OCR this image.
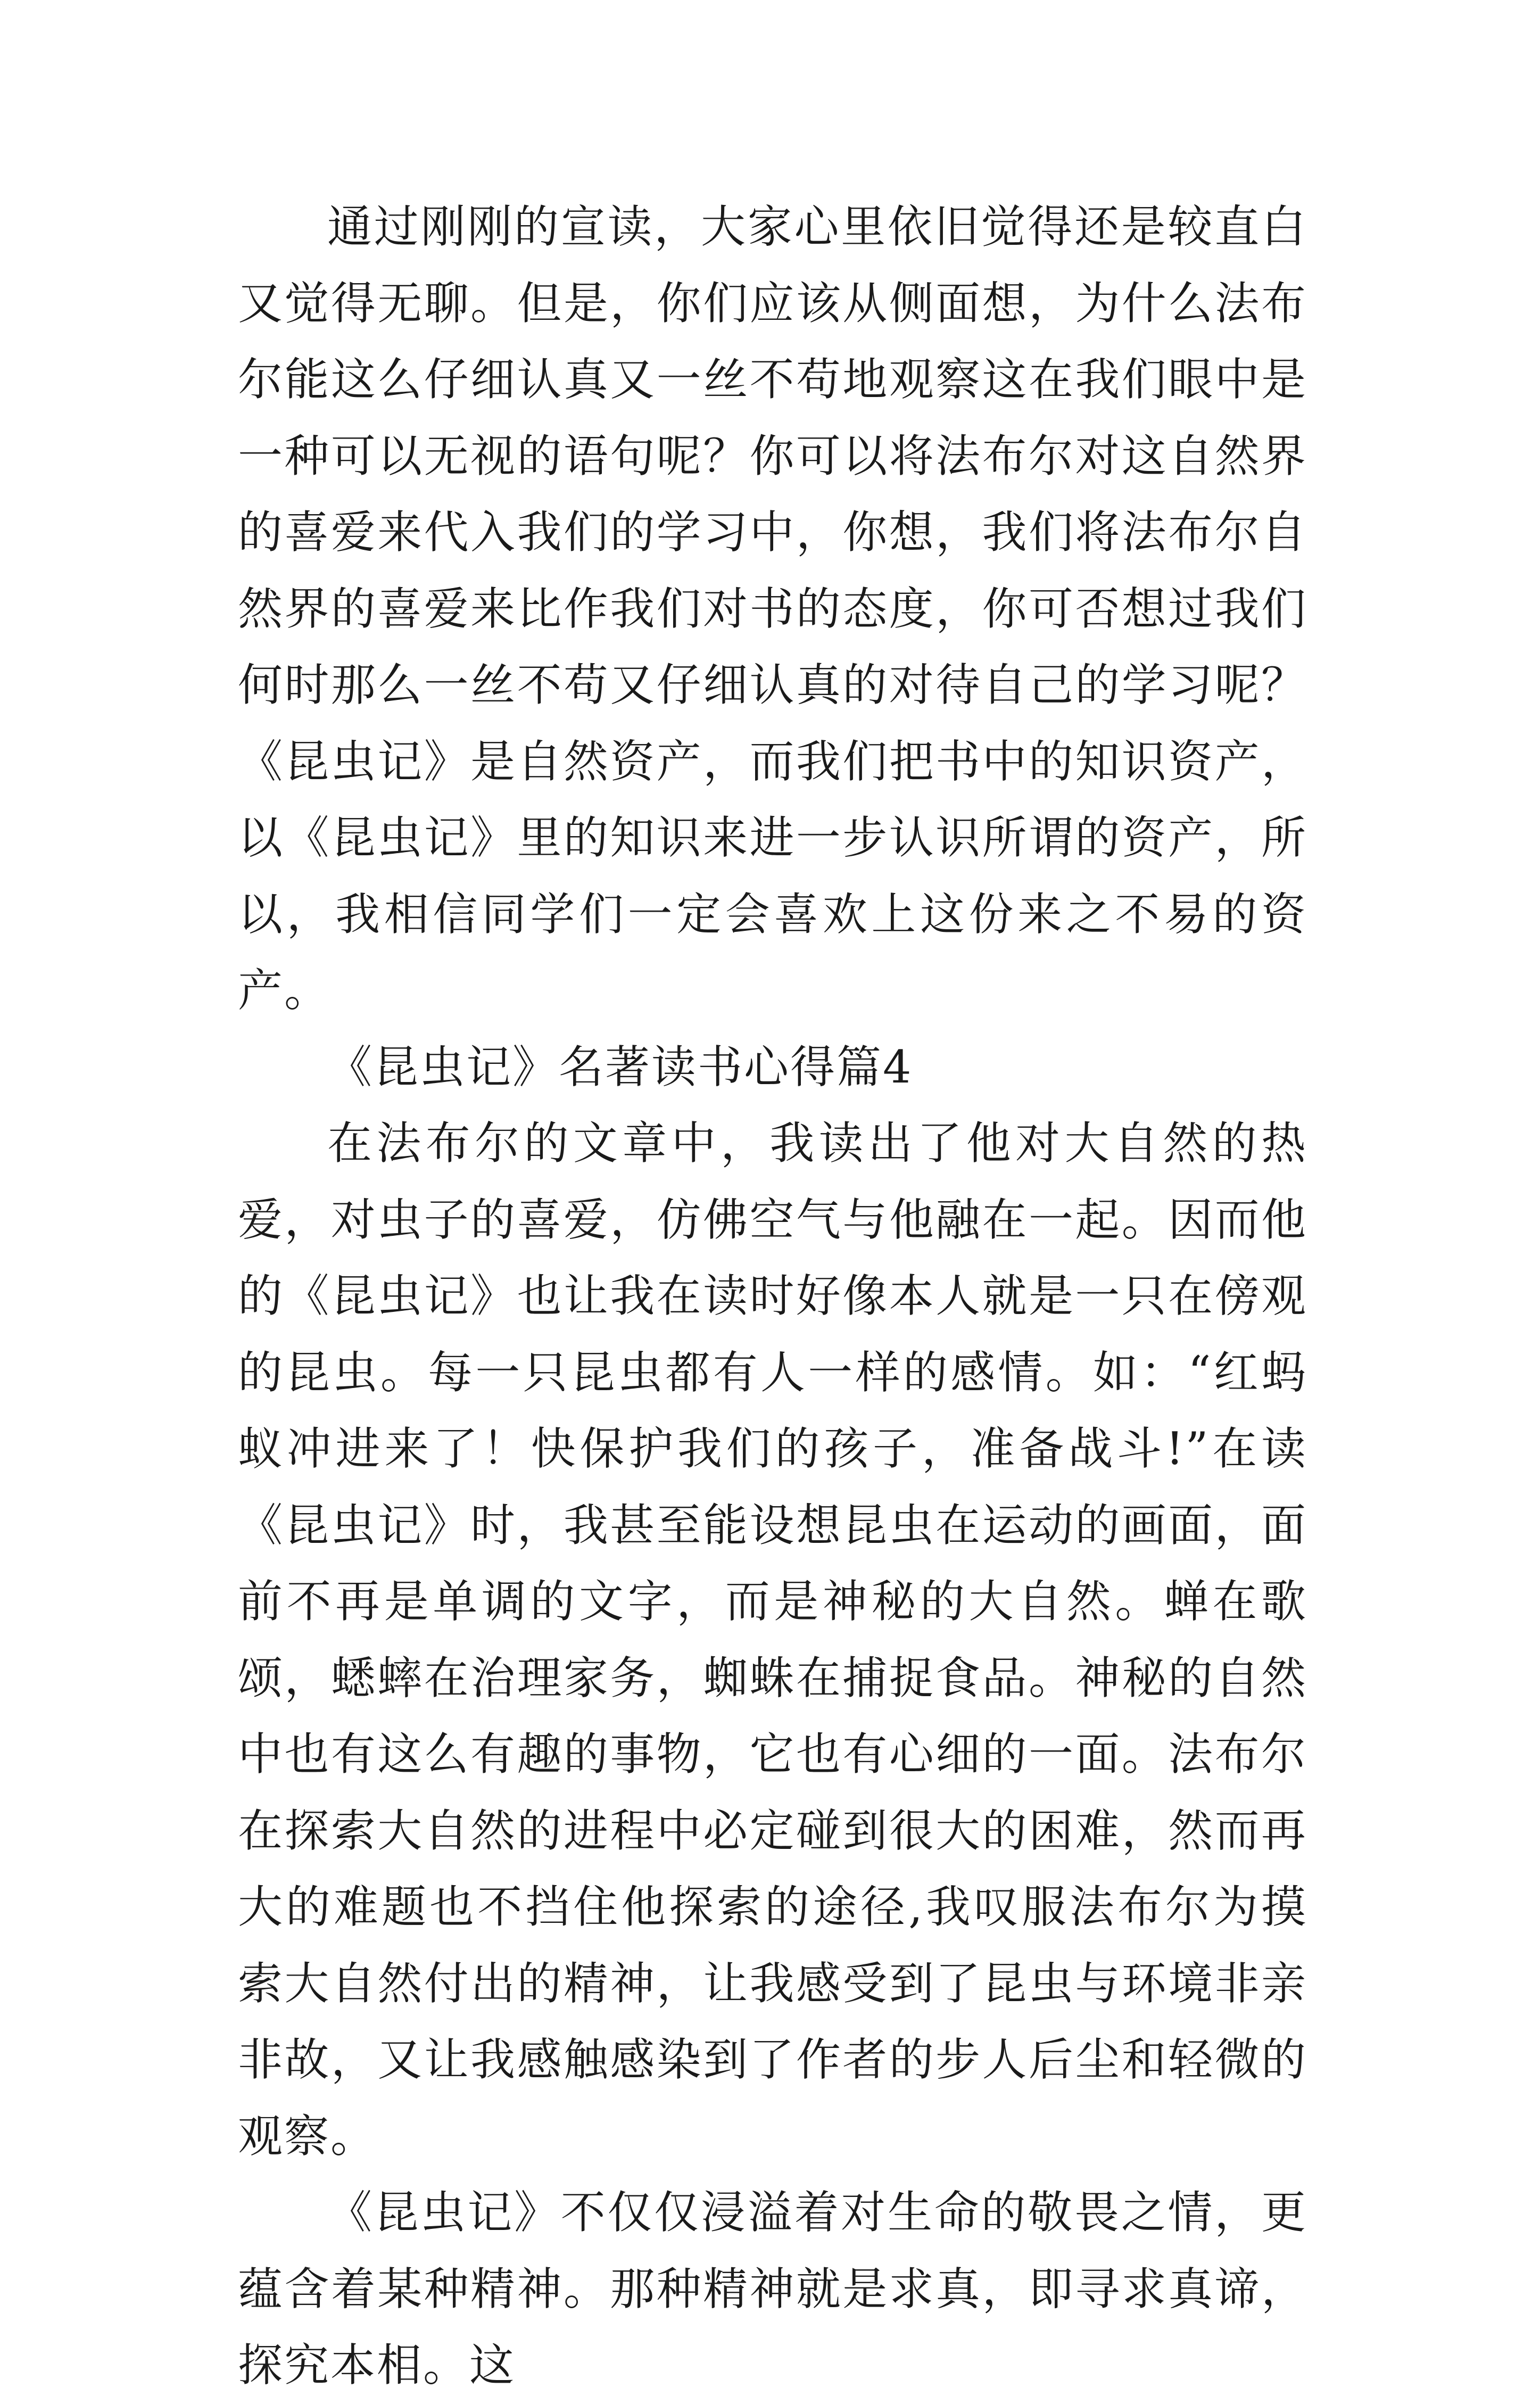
通过刚刚的宣读，大家心里依旧觉得还是较直白又觉得无聊。但是，你们应该从侧面想，为什么法布尔能这么仔细认真又一丝不苟地观察这在我们眼中是一种可以无视的语句呢？你可以将法布尔对这自然界的喜爱来代入我们的学习中，你想，我们将法布尔自然界的喜爱来比作我们对书的态度，你可否想过我们何时那么一丝不苟又仔细认真的对待自己的学习呢？《昆虫记》是自然资产，而我们把书中的知识资产，以《昆虫记》里的知识来进一步认识所谓的资产，所以，我相信同学们一定会喜欢上这份来之不易的资产。

《昆虫记》名著读书心得篇4

在法布尔的文章中，我读出了他对大自然的热爱，对虫子的喜爱，仿佛空气与他融在一起。因而他的《昆虫记》也让我在读时好像本人就是一只在傍观的昆虫。每一只昆虫都有人一样的感情。如：“红蚂蚁冲进来了！快保护我们的孩子，准备战斗!”在读《昆虫记》时，我甚至能设想昆虫在运动的画面，面前不再是单调的文字，而是神秘的大自然。蝉在歌颂，蟋蟀在治理家务，蜘蛛在捕捉食品。神秘的自然中也有这么有趣的事物，它也有心细的一面。法布尔在探索大自然的进程中必定碰到很大的困难，然而再大的难题也不挡住他探索的途径,我叹服法布尔为摸索大自然付出的精神，让我感受到了昆虫与环境非亲非故，又让我感触感染到了作者的步人后尘和轻微的观察。

《昆虫记》不仅仅浸溢着对生命的敬畏之情，更蕴含着某种精神。那种精神就是求真，即寻求真谛，探究本相。这
